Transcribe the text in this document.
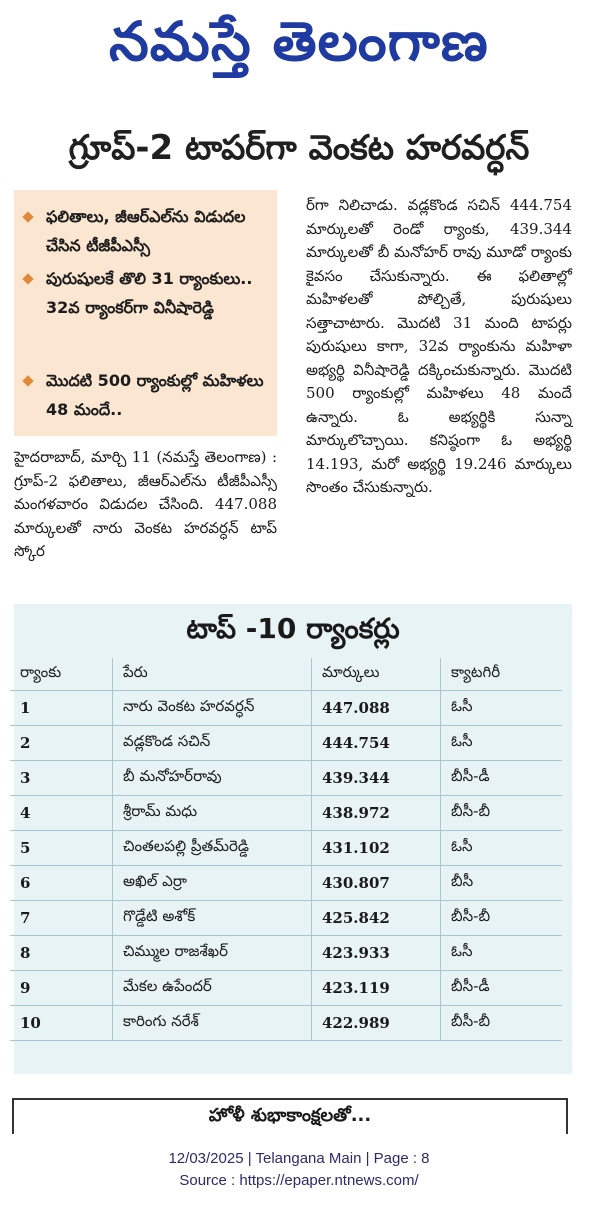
నమస్తే తెలంగాణ
గ్రూప్-2 టాపర్‌గా వెంకట హరవర్ధన్
ఫలితాలు, జీఆర్ఎల్‌ను విడుదల చేసిన టీజీపీఎస్సీ
పురుషులకే తొలి 31 ర్యాంకులు.. 32వ ర్యాంకర్‌గా వినీషారెడ్డి
మొదటి 500 ర్యాంకుల్లో మహిళలు 48 మందే..
హైదరాబాద్, మార్చి 11 (నమస్తే తెలంగాణ) : గ్రూప్-2 ఫలితాలు, జీఆర్ఎల్‌ను టీజీపీఎస్సీ మంగళవారం విడుదల చేసింది. 447.088 మార్కులతో నారు వెంకట హరవర్ధన్ టాప్ స్కోర
ర్‌గా నిలిచాడు. వడ్లకొండ సచిన్ 444.754 మార్కులతో రెండో ర్యాంకు, 439.344 మార్కులతో బీ మనోహర్ రావు మూడో ర్యాంకు కైవసం చేసుకున్నారు. ఈ ఫలితాల్లో మహిళలతో పోల్చితే, పురుషులు సత్తాచాటారు. మొదటి 31 మంది టాపర్లు పురుషులు కాగా, 32వ ర్యాంకును మహిళా అభ్యర్థి వినీషారెడ్డి దక్కించుకున్నారు. మొదటి 500 ర్యాంకుల్లో మహిళలు 48 మందే ఉన్నారు. ఓ అభ్యర్థికి సున్నా మార్కులొచ్చాయి. కనిష్ఠంగా ఓ అభ్యర్థి 14.193, మరో అభ్యర్థి 19.246 మార్కులు సొంతం చేసుకున్నారు.
టాప్ -10 ర్యాంకర్లు
ర్యాంకు	పేరు	మార్కులు	క్యాటగిరీ
1	నారు వెంకట హరవర్ధన్	447.088	ఓసీ
2	వడ్లకొండ సచిన్	444.754	ఓసీ
3	బీ మనోహర్‌రావు	439.344	బీసీ-డీ
4	శ్రీరామ్ మధు	438.972	బీసీ-బీ
5	చింతలపల్లి ప్రీతమ్‌రెడ్డి	431.102	ఓసీ
6	అఖిల్ ఎర్రా	430.807	బీసీ
7	గొడ్డేటి అశోక్	425.842	బీసీ-బీ
8	చిమ్ముల రాజశేఖర్	423.933	ఓసీ
9	మేకల ఉపేందర్	423.119	బీసీ-డీ
10	కారింగు నరేశ్	422.989	బీసీ-బీ
హోళీ శుభాకాంక్షలతో...
12/03/2025 | Telangana Main | Page : 8
Source : https://epaper.ntnews.com/
